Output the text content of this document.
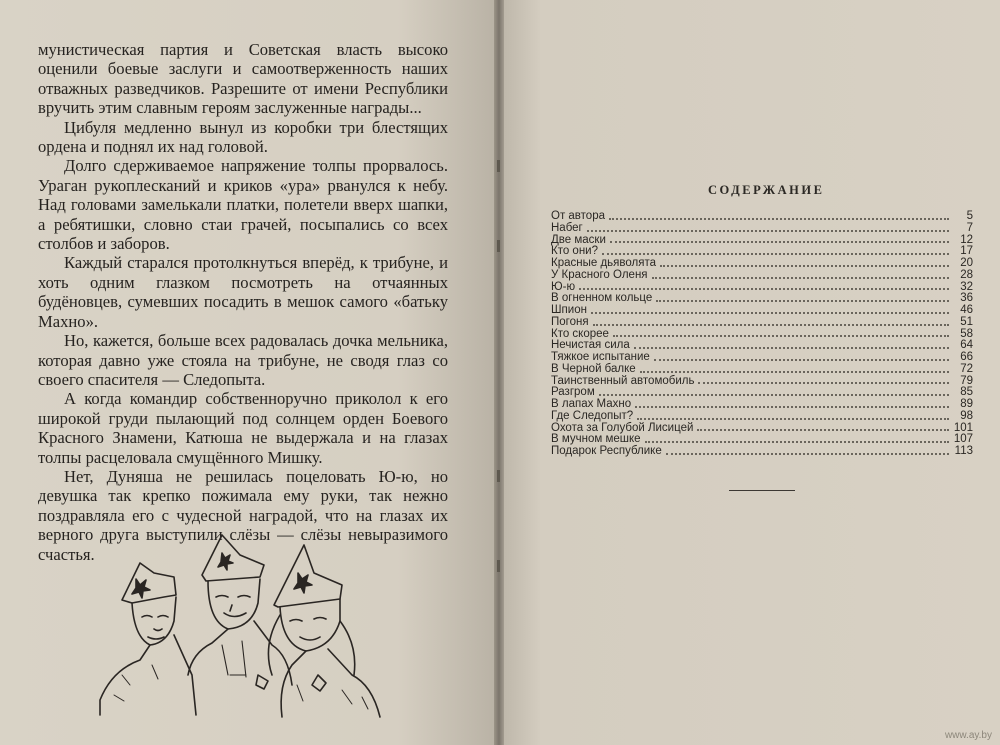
мунистическая партия и Советская власть высоко оценили боевые заслуги и самоотверженность наших отважных разведчиков. Разрешите от имени Республики вручить этим славным героям заслуженные награды...

Цибуля медленно вынул из коробки три блестящих ордена и поднял их над головой.

Долго сдерживаемое напряжение толпы прорвалось. Ураган рукоплесканий и криков «ура» рванулся к небу. Над головами замелькали платки, полетели вверх шапки, а ребятишки, словно стаи грачей, посыпались со всех столбов и заборов.

Каждый старался протолкнуться вперёд, к трибуне, и хоть одним глазком посмотреть на отчаянных будёновцев, сумевших посадить в мешок самого «батьку Махно».

Но, кажется, больше всех радовалась дочка мельника, которая давно уже стояла на трибуне, не сводя глаз со своего спасителя — Следопыта.

А когда командир собственноручно приколол к его широкой груди пылающий под солнцем орден Боевого Красного Знамени, Катюша не выдержала и на глазах толпы расцеловала смущённого Мишку.

Нет, Дуняша не решилась поцеловать Ю-ю, но девушка так крепко пожимала ему руки, так нежно поздравляла его с чудесной наградой, что на глазах их верного друга выступили слёзы — слёзы невыразимого счастья.

СОДЕРЖАНИЕ
От автора	5
Набег	7
Две маски	12
Кто они?	17
Красные дьяволята	20
У Красного Оленя	28
Ю-ю	32
В огненном кольце	36
Шпион	46
Погоня	51
Кто скорее	58
Нечистая сила	64
Тяжкое испытание	66
В Черной балке	72
Таинственный автомобиль	79
Разгром	85
В лапах Махно	89
Где Следопыт?	98
Охота за Голубой Лисицей	101
В мучном мешке	107
Подарок Республике	113
www.ay.by
